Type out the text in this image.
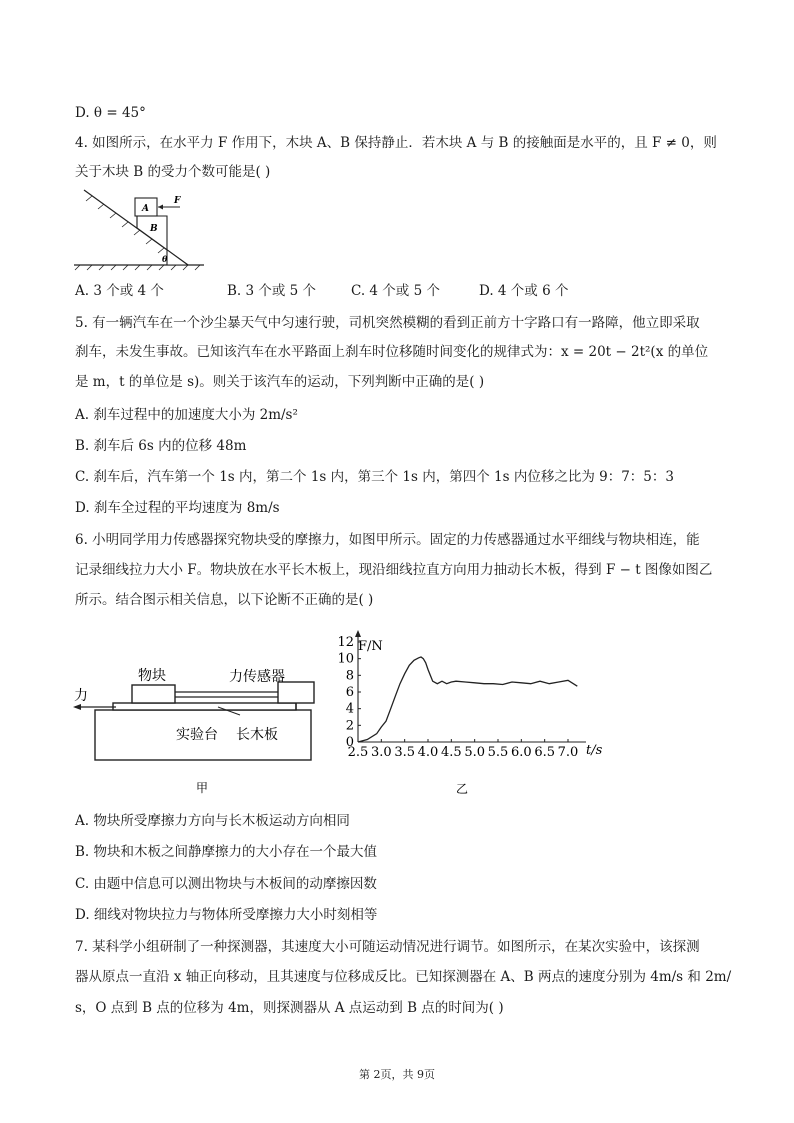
D. θ = 45°
4. 如图所示，在水平力 F 作用下，木块 A、B 保持静止．若木块 A 与 B 的接触面是水平的，且 F ≠ 0，则
关于木块 B 的受力个数可能是( )
A
B
F
θ
A. 3 个或 4 个	B. 3 个或 5 个	C. 4 个或 5 个	D. 4 个或 6 个
5. 有一辆汽车在一个沙尘暴天气中匀速行驶，司机突然模糊的看到正前方十字路口有一路障，他立即采取
刹车，未发生事故。已知该汽车在水平路面上刹车时位移随时间变化的规律式为：x = 20t − 2t²(x 的单位
是 m，t 的单位是 s)。则关于该汽车的运动，下列判断中正确的是( )
A. 刹车过程中的加速度大小为 2m/s²
B. 刹车后 6s 内的位移 48m
C. 刹车后，汽车第一个 1s 内，第二个 1s 内，第三个 1s 内，第四个 1s 内位移之比为 9：7：5：3
D. 刹车全过程的平均速度为 8m/s
6. 小明同学用力传感器探究物块受的摩擦力，如图甲所示。固定的力传感器通过水平细线与物块相连，能
记录细线拉力大小 F。物块放在水平长木板上，现沿细线拉直方向用力抽动长木板，得到 F − t 图像如图乙
所示。结合图示相关信息，以下论断不正确的是( )
物块	力传感器
力
实验台 长木板
甲
0
2
4
6
8
10
12
2.5 3.0 3.5 4.0 4.5 5.0 5.5 6.0 6.5 7.0
F/N
t/s
乙
A. 物块所受摩擦力方向与长木板运动方向相同
B. 物块和木板之间静摩擦力的大小存在一个最大值
C. 由题中信息可以测出物块与木板间的动摩擦因数
D. 细线对物块拉力与物体所受摩擦力大小时刻相等
7. 某科学小组研制了一种探测器，其速度大小可随运动情况进行调节。如图所示，在某次实验中，该探测
器从原点一直沿 x 轴正向移动，且其速度与位移成反比。已知探测器在 A、B 两点的速度分别为 4m/s 和 2m/
s，O 点到 B 点的位移为 4m，则探测器从 A 点运动到 B 点的时间为( )
第 2页，共 9页
